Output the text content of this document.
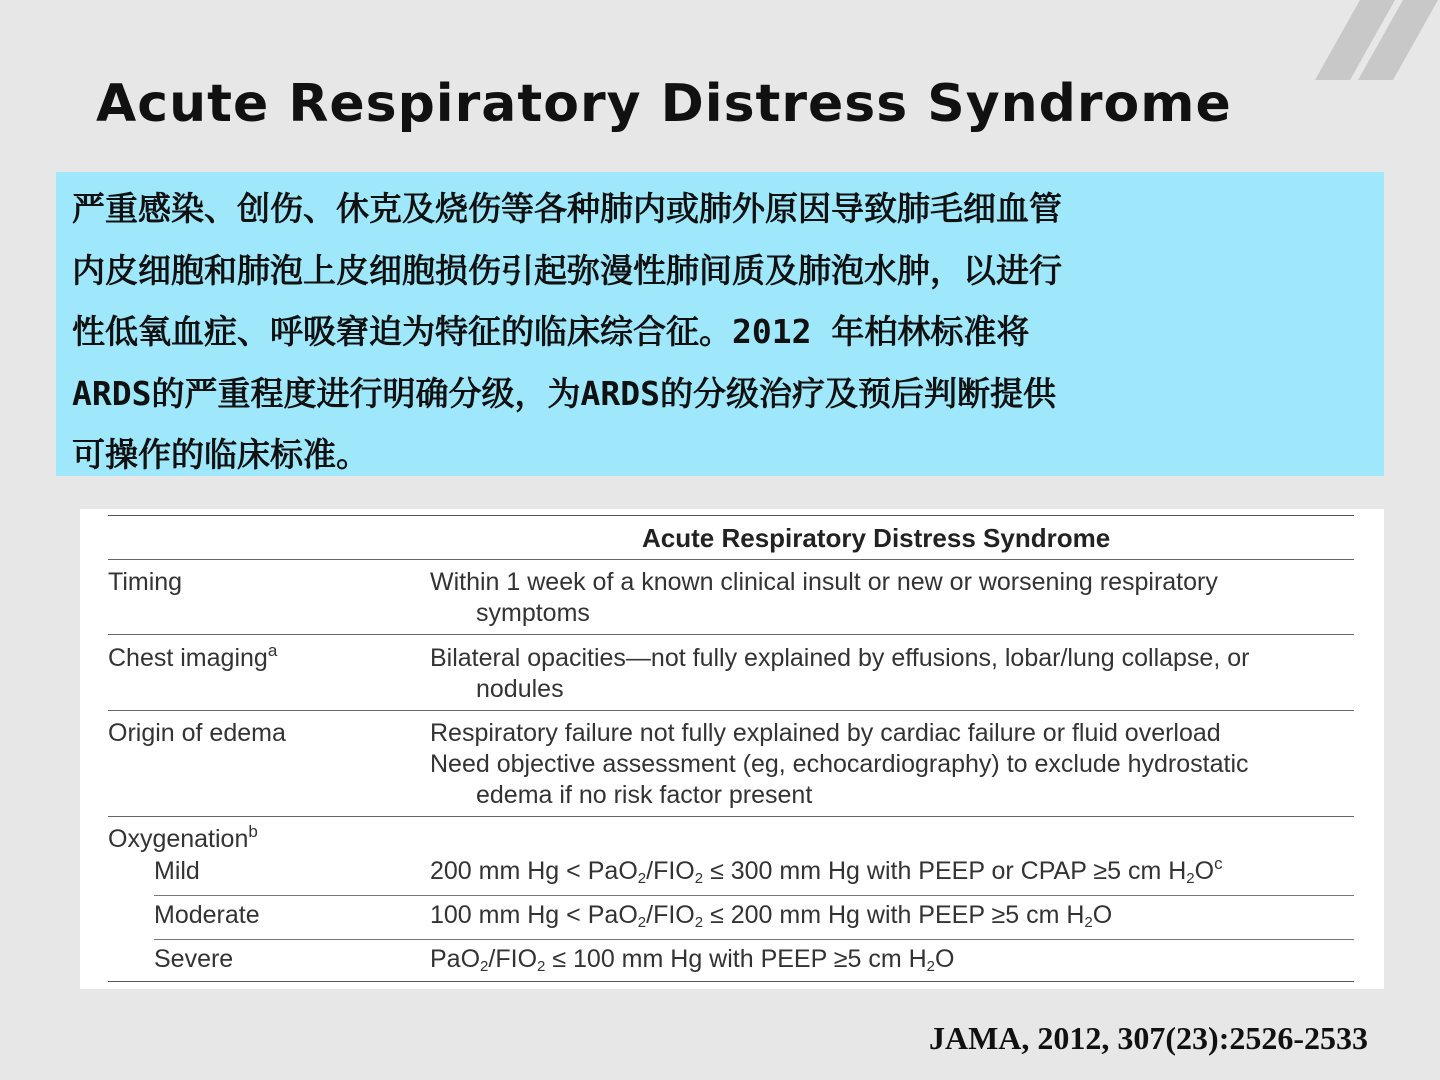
Acute Respiratory Distress Syndrome
严重感染、创伤、休克及烧伤等各种肺内或肺外原因导致肺毛细血管
内皮细胞和肺泡上皮细胞损伤引起弥漫性肺间质及肺泡水肿，以进行
性低氧血症、呼吸窘迫为特征的临床综合征。2012 年柏林标准将
ARDS的严重程度进行明确分级，为ARDS的分级治疗及预后判断提供
可操作的临床标准。
Acute Respiratory Distress Syndrome
Timing	Within 1 week of a known clinical insult or new or worsening respiratory
symptoms
Chest imaging$^a$	Bilateral opacities—not fully explained by effusions, lobar/lung collapse, or
nodules
Origin of edema	Respiratory failure not fully explained by cardiac failure or fluid overload
Need objective assessment (eg, echocardiography) to exclude hydrostatic
edema if no risk factor present
Oxygenation$^b$
Mild	200 mm $Hg < PaO_2/FIO_2 \le 300$ mm Hg with PEEP or CPAP ≥5 cm $H_2O^c$
Moderate	100 mm $Hg < PaO_2/FIO_2 \le 200$ mm Hg with PEEP ≥5 cm $H_2O$
Severe	$PaO_2/FIO_2 \le 100$ mm Hg with PEEP ≥5 cm $H_2O$
JAMA, 2012, 307(23):2526-2533
